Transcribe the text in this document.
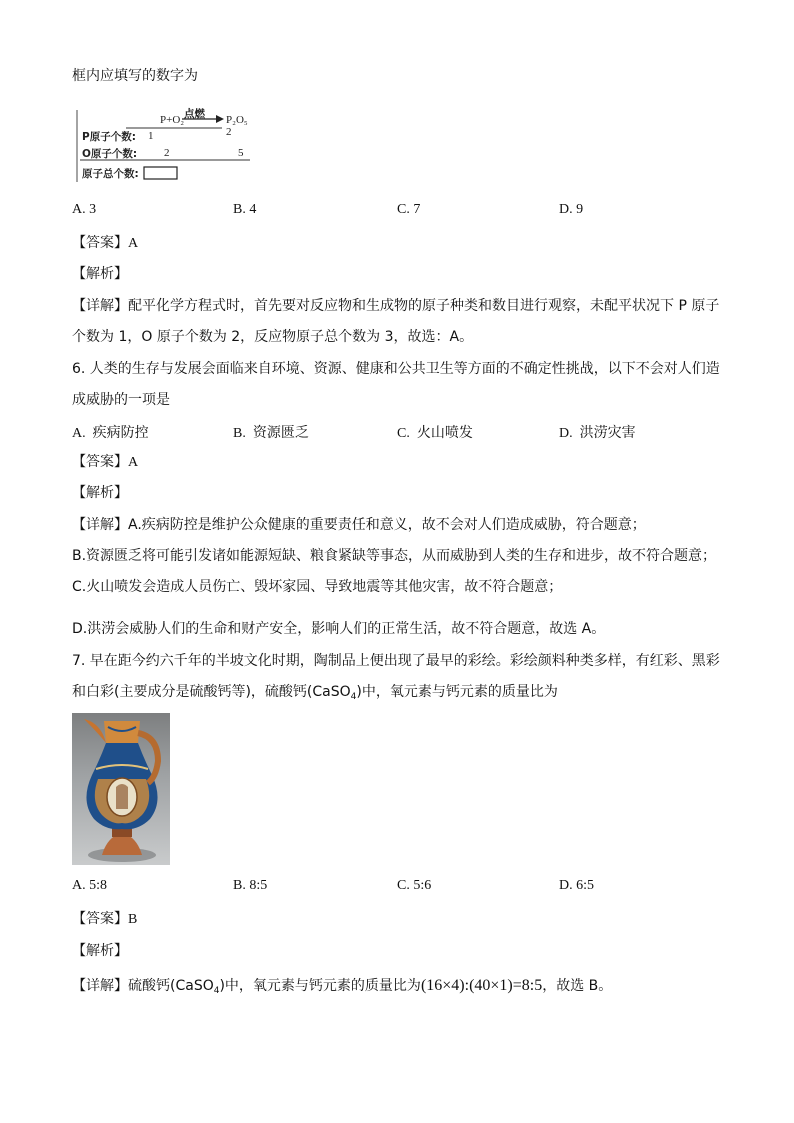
框内应填写的数字为
P+O₂ 点燃 P₂O₅
P原子个数: 1	2
O原子个数: 2	5
原子总个数:
A. 3	B. 4	C. 7	D. 9
【答案】A
【解析】
【详解】配平化学方程式时，首先要对反应物和生成物的原子种类和数目进行观察，未配平状况下 P 原子
个数为 1，O 原子个数为 2，反应物原子总个数为 3，故选：A。
6. 人类的生存与发展会面临来自环境、资源、健康和公共卫生等方面的不确定性挑战，以下不会对人们造
成威胁的一项是
A. 疾病防控	B. 资源匮乏	C. 火山喷发	D. 洪涝灾害
【答案】A
【解析】
【详解】A.疾病防控是维护公众健康的重要责任和意义，故不会对人们造成威胁，符合题意；
B.资源匮乏将可能引发诸如能源短缺、粮食紧缺等事态，从而威胁到人类的生存和进步，故不符合题意；
C.火山喷发会造成人员伤亡、毁坏家园、导致地震等其他灾害，故不符合题意；
D.洪涝会威胁人们的生命和财产安全，影响人们的正常生活，故不符合题意，故选 A。
7. 早在距今约六千年的半坡文化时期，陶制品上便出现了最早的彩绘。彩绘颜料种类多样，有红彩、黑彩
和白彩(主要成分是硫酸钙等)，硫酸钙(CaSO$_4$)中，氧元素与钙元素的质量比为
A. 5:8	B. 8:5	C. 5:6	D. 6:5
【答案】B
【解析】
【详解】硫酸钙(CaSO$_4$)中，氧元素与钙元素的质量比为(16×4):(40×1)=8:5，故选 B。
